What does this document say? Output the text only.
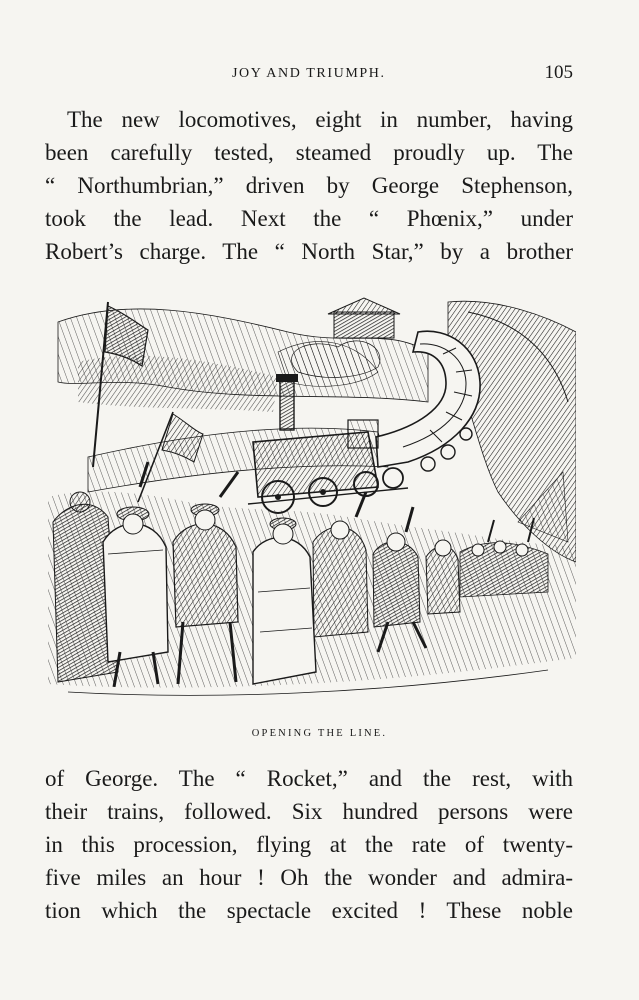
JOY AND TRIUMPH.	105
The new locomotives, eight in number, having
been carefully tested, steamed proudly up. The
“ Northumbrian,” driven by George Stephenson,
took the lead. Next the “ Phœnix,” under
Robert’s charge. The “ North Star,” by a brother
OPENING THE LINE.
of George. The “ Rocket,” and the rest, with
their trains, followed. Six hundred persons were
in this procession, flying at the rate of twenty-
five miles an hour ! Oh the wonder and admira-
tion which the spectacle excited ! These noble
